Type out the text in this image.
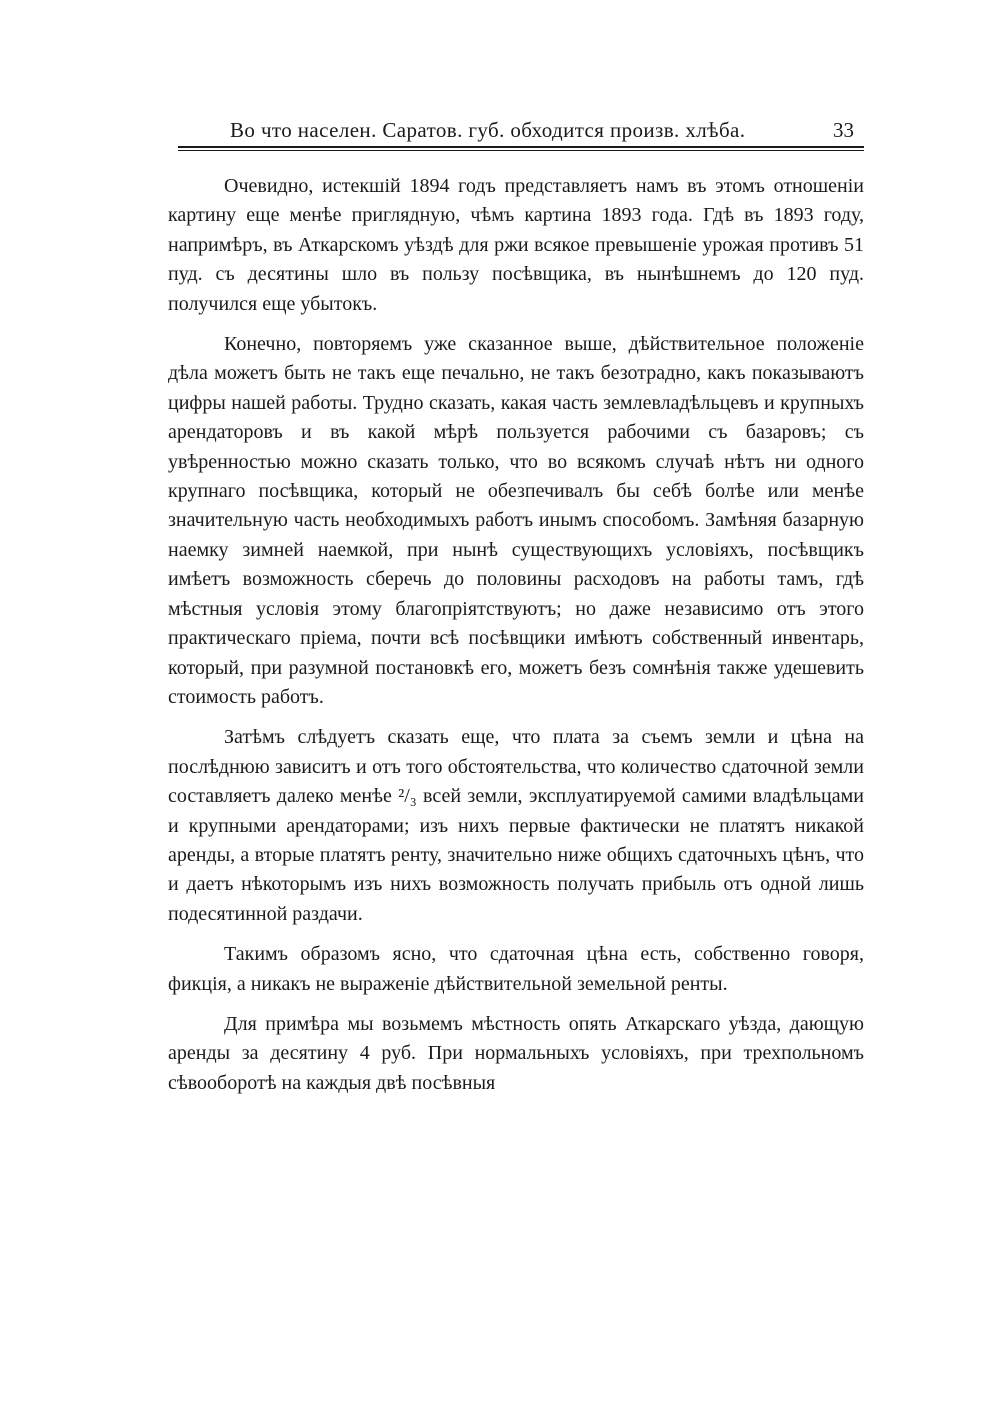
Во что населен. Саратов. губ. обходится произв. хлѣба.	33

Очевидно, истекшій 1894 годъ представляетъ намъ въ этомъ отношеніи картину еще менѣе приглядную, чѣмъ картина 1893 года. Гдѣ въ 1893 году, напримѣръ, въ Аткарскомъ уѣздѣ для ржи всякое превышеніе урожая противъ 51 пуд. съ десятины шло въ пользу посѣвщика, въ нынѣшнемъ до 120 пуд. получился еще убытокъ.

Конечно, повторяемъ уже сказанное выше, дѣйствительное положеніе дѣла можетъ быть не такъ еще печально, не такъ безотрадно, какъ показываютъ цифры нашей работы. Трудно сказать, какая часть землевладѣльцевъ и крупныхъ арендаторовъ и въ какой мѣрѣ пользуется рабочими съ базаровъ; съ увѣренностью можно сказать только, что во всякомъ случаѣ нѣтъ ни одного крупнаго посѣвщика, который не обезпечивалъ бы себѣ болѣе или менѣе значительную часть необходимыхъ работъ инымъ способомъ. Замѣняя базарную наемку зимней наемкой, при нынѣ существующихъ условіяхъ, посѣвщикъ имѣетъ возможность сберечь до половины расходовъ на работы тамъ, гдѣ мѣстныя условія этому благопріятствуютъ; но даже независимо отъ этого практическаго пріема, почти всѣ посѣвщики имѣютъ собственный инвентарь, который, при разумной постановкѣ его, можетъ безъ сомнѣнія также удешевить стоимость работъ.

Затѣмъ слѣдуетъ сказать еще, что плата за съемъ земли и цѣна на послѣднюю зависитъ и отъ того обстоятельства, что количество сдаточной земли составляетъ далеко менѣе ²/₃ всей земли, эксплуатируемой самими владѣльцами и крупными арендаторами; изъ нихъ первые фактически не платятъ никакой аренды, а вторые платятъ ренту, значительно ниже общихъ сдаточныхъ цѣнъ, что и даетъ нѣкоторымъ изъ нихъ возможность получать прибыль отъ одной лишь подесятинной раздачи.

Такимъ образомъ ясно, что сдаточная цѣна есть, собственно говоря, фикція, а никакъ не выраженіе дѣйствительной земельной ренты.

Для примѣра мы возьмемъ мѣстность опять Аткарскаго уѣзда, дающую аренды за десятину 4 руб. При нормальныхъ условіяхъ, при трехпольномъ сѣвооборотѣ на каждыя двѣ посѣвныя
